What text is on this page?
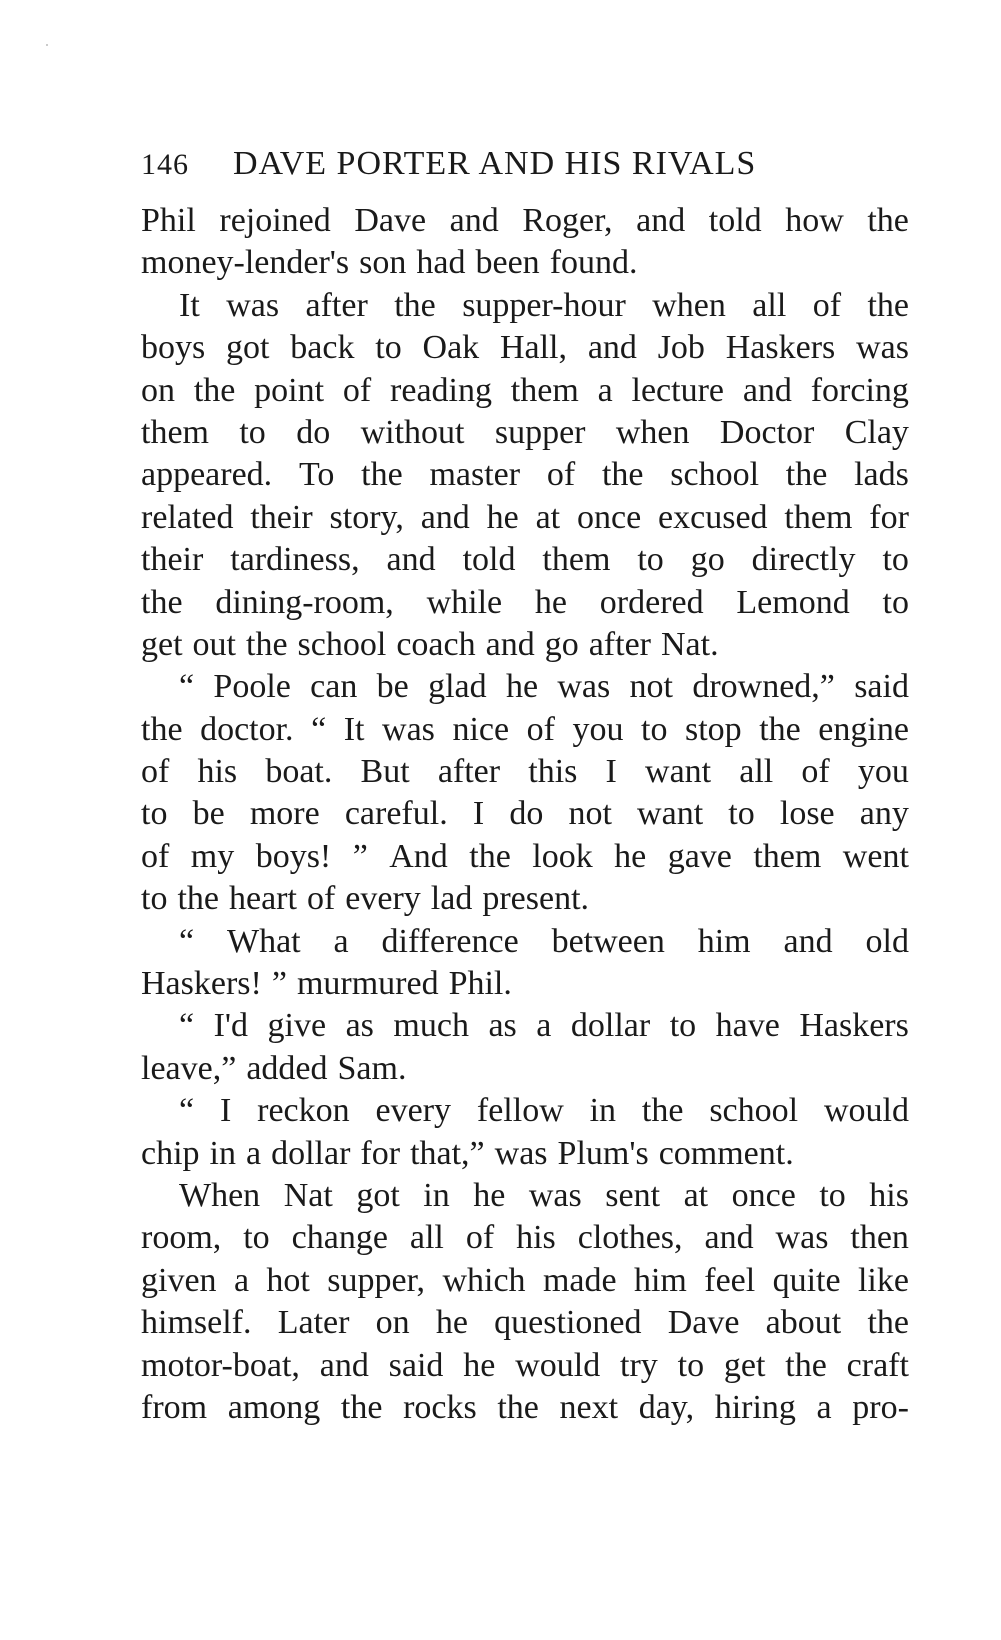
146	DAVE PORTER AND HIS RIVALS
Phil rejoined Dave and Roger, and told how the
money-lender's son had been found.
It was after the supper-hour when all of the
boys got back to Oak Hall, and Job Haskers was
on the point of reading them a lecture and forcing
them to do without supper when Doctor Clay
appeared. To the master of the school the lads
related their story, and he at once excused them for
their tardiness, and told them to go directly to
the dining-room, while he ordered Lemond to
get out the school coach and go after Nat.
“ Poole can be glad he was not drowned,” said
the doctor. “ It was nice of you to stop the engine
of his boat. But after this I want all of you
to be more careful. I do not want to lose any
of my boys! ” And the look he gave them went
to the heart of every lad present.
“ What a difference between him and old
Haskers! ” murmured Phil.
“ I'd give as much as a dollar to have Haskers
leave,” added Sam.
“ I reckon every fellow in the school would
chip in a dollar for that,” was Plum's comment.
When Nat got in he was sent at once to his
room, to change all of his clothes, and was then
given a hot supper, which made him feel quite like
himself. Later on he questioned Dave about the
motor-boat, and said he would try to get the craft
from among the rocks the next day, hiring a pro-
